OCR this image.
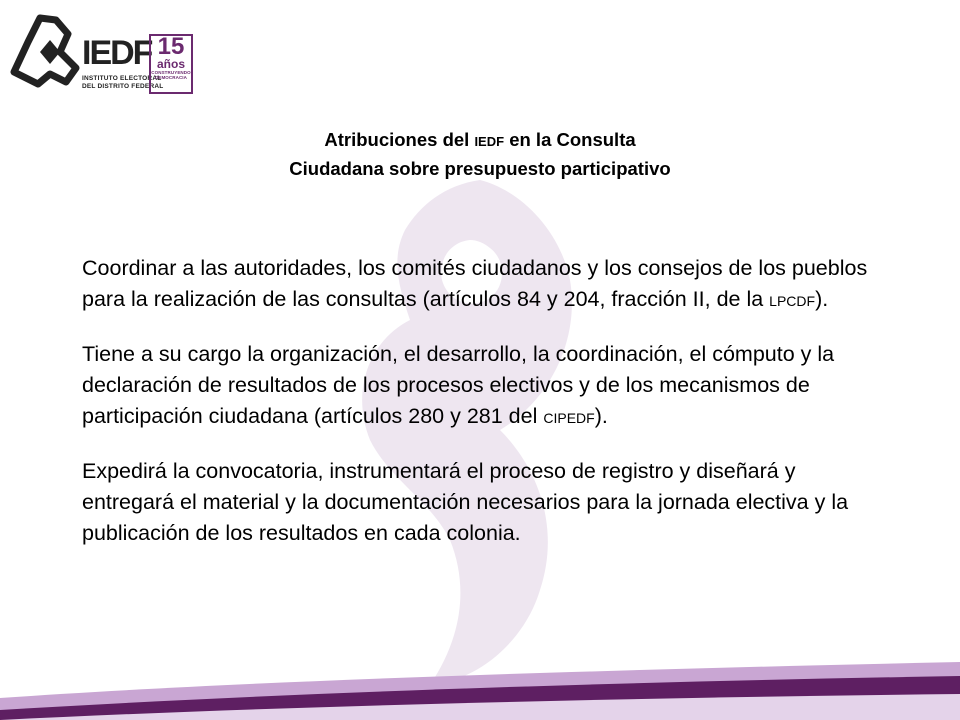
IEDF
INSTITUTO ELECTORAL
DEL DISTRITO FEDERAL
15
años
CONSTRUYENDO
DEMOCRACIA
Atribuciones del IEDF en la Consulta
Ciudadana sobre presupuesto participativo

Coordinar a las autoridades, los comités ciudadanos y los consejos de los pueblos para la realización de las consultas (artículos 84 y 204, fracción II, de la LPCDF).

Tiene a su cargo la organización, el desarrollo, la coordinación, el cómputo y la declaración de resultados de los procesos electivos y de los mecanismos de participación ciudadana (artículos 280 y 281 del CIPEDF).

Expedirá la convocatoria, instrumentará el proceso de registro y diseñará y entregará el material y la documentación necesarios para la jornada electiva y la publicación de los resultados en cada colonia.
